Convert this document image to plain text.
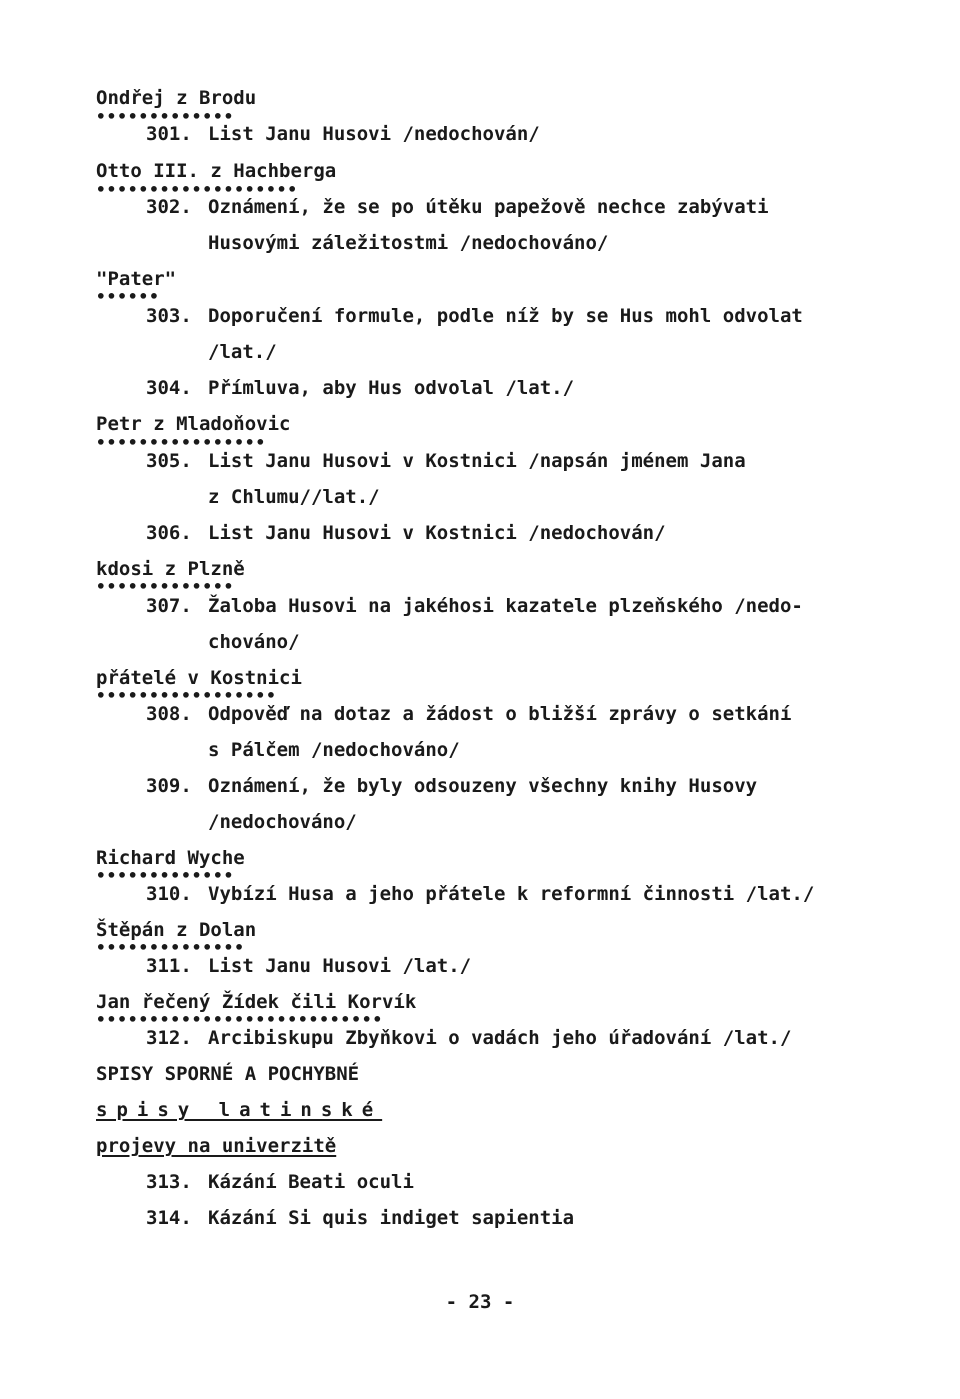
Ondřej z Brodu
•••••••••••••
301. List Janu Husovi /nedochován/
Otto III. z Hachberga
•••••••••••••••••••
302. Oznámení, že se po útěku papežově nechce zabývati
Husovými záležitostmi /nedochováno/
"Pater"
••••••
303. Doporučení formule, podle níž by se Hus mohl odvolat
/lat./
304. Přímluva, aby Hus odvolal /lat./
Petr z Mladoňovic
••••••••••••••••
305. List Janu Husovi v Kostnici /napsán jménem Jana
z Chlumu//lat./
306. List Janu Husovi v Kostnici /nedochován/
kdosi z Plzně
•••••••••••••
307. Žaloba Husovi na jakéhosi kazatele plzeňského /nedo-
chováno/
přátelé v Kostnici
•••••••••••••••••
308. Odpověď na dotaz a žádost o bližší zprávy o setkání
s Pálčem /nedochováno/
309. Oznámení, že byly odsouzeny všechny knihy Husovy
/nedochováno/
Richard Wyche
•••••••••••••
310. Vybízí Husa a jeho přátele k reformní činnosti /lat./
Štěpán z Dolan
••••••••••••••
311. List Janu Husovi /lat./
Jan řečený Žídek čili Korvík
•••••••••••••••••••••••••••
312. Arcibiskupu Zbyňkovi o vadách jeho úřadování /lat./
SPISY SPORNÉ A POCHYBNÉ
spisy latinské
projevy na univerzitě
313. Kázání Beati oculi
314. Kázání Si quis indiget sapientia
- 23 -
